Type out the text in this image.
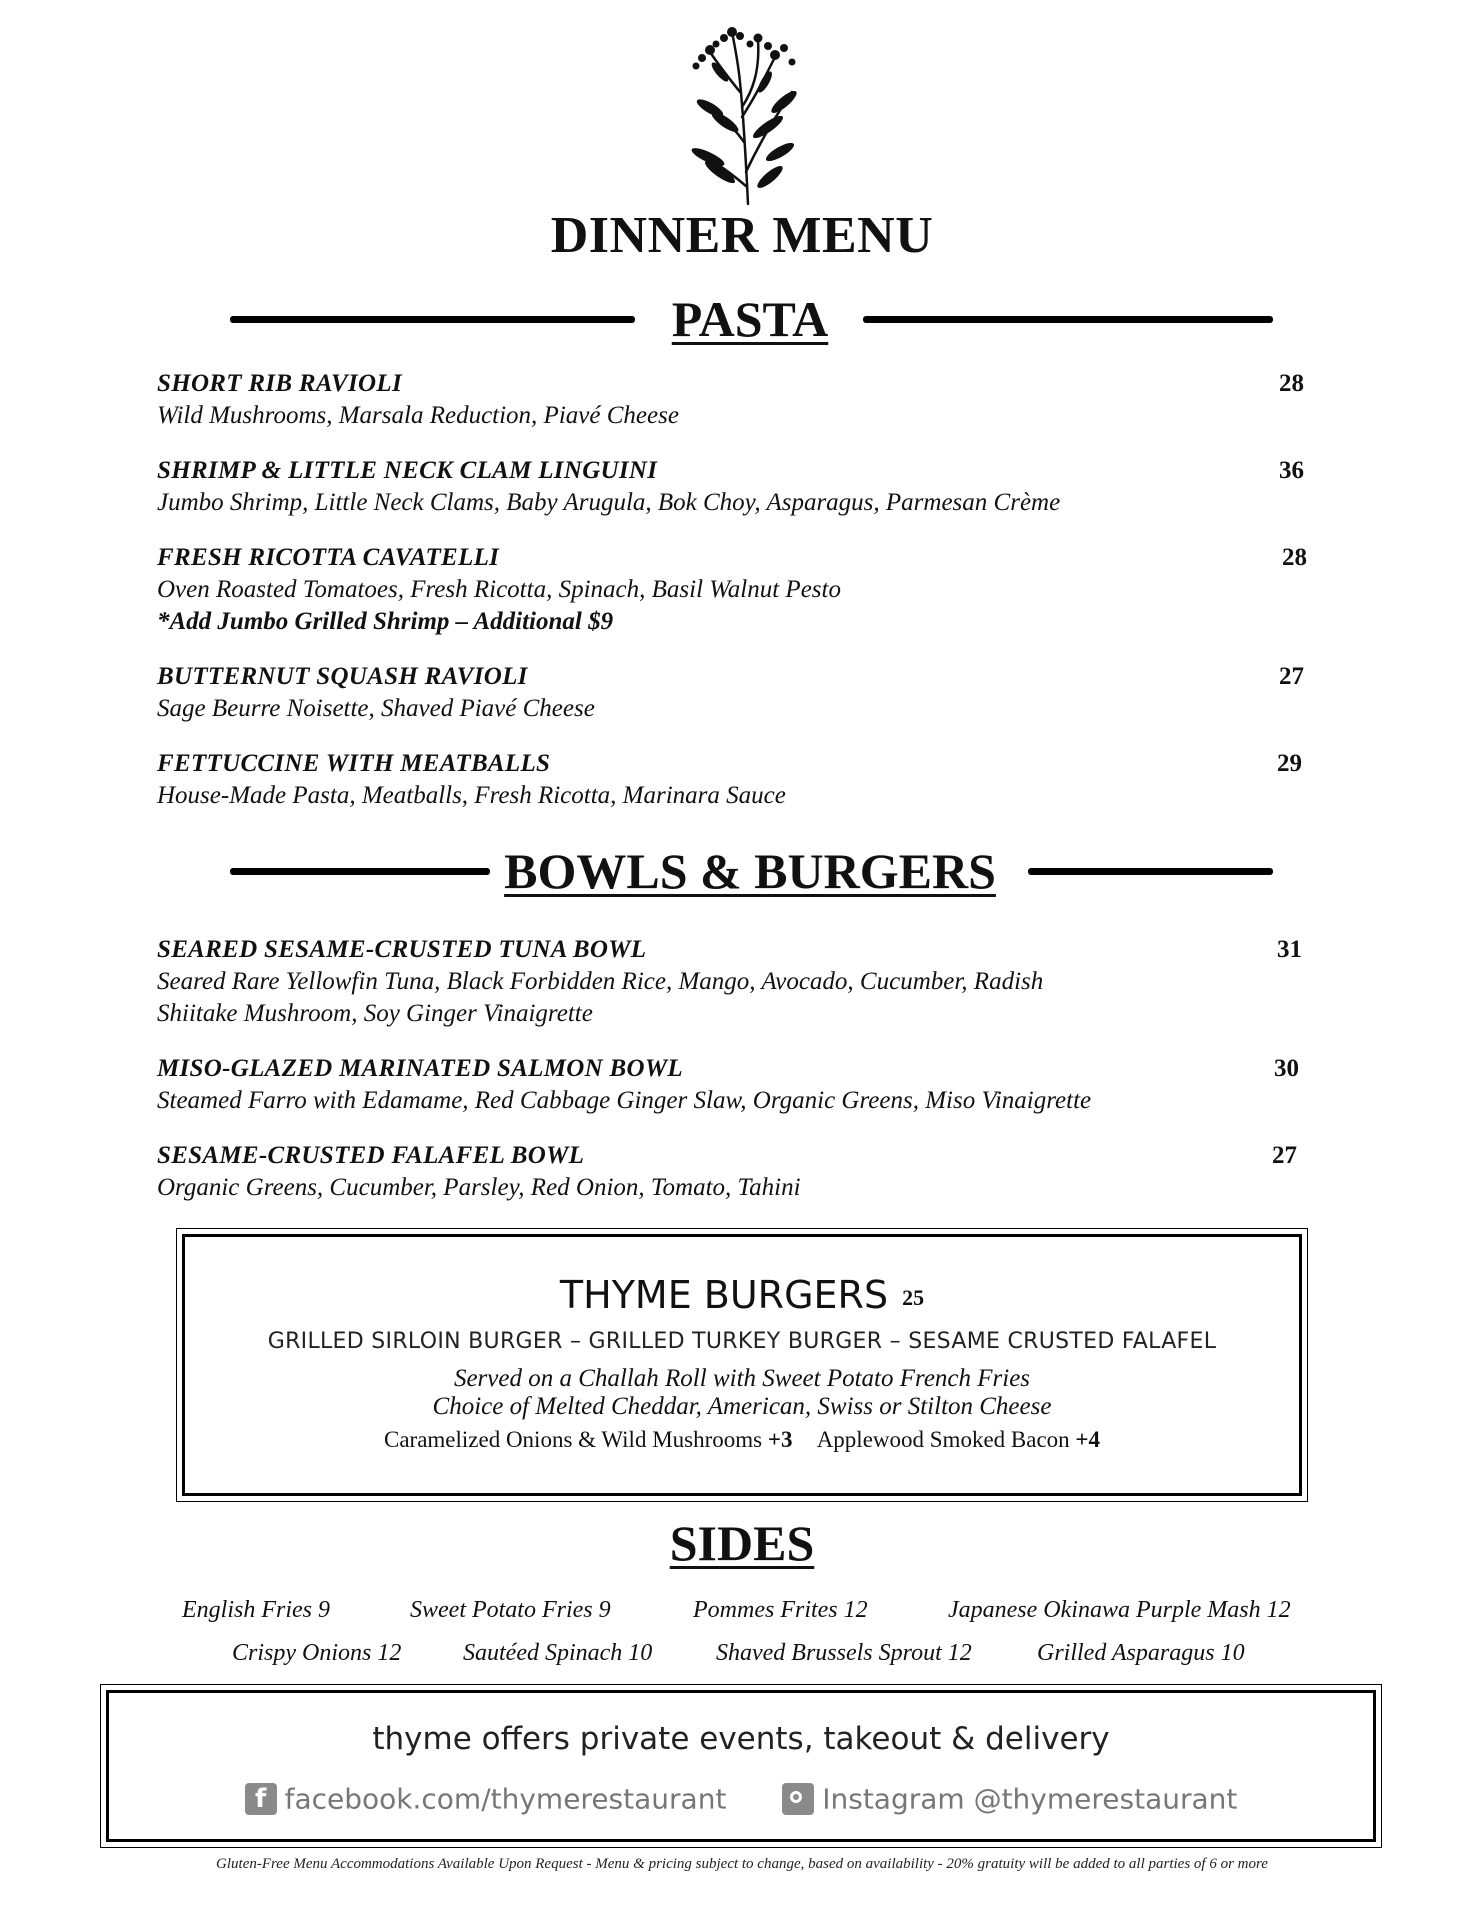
DINNER MENU
PASTA
SHORT RIB RAVIOLI	28
Wild Mushrooms, Marsala Reduction, Piavé Cheese
SHRIMP & LITTLE NECK CLAM LINGUINI	36
Jumbo Shrimp, Little Neck Clams, Baby Arugula, Bok Choy, Asparagus, Parmesan Crème
FRESH RICOTTA CAVATELLI	28
Oven Roasted Tomatoes, Fresh Ricotta, Spinach, Basil Walnut Pesto
*Add Jumbo Grilled Shrimp – Additional $9
BUTTERNUT SQUASH RAVIOLI	27
Sage Beurre Noisette, Shaved Piavé Cheese
FETTUCCINE WITH MEATBALLS	29
House-Made Pasta, Meatballs, Fresh Ricotta, Marinara Sauce
BOWLS & BURGERS
SEARED SESAME-CRUSTED TUNA BOWL	31
Seared Rare Yellowfin Tuna, Black Forbidden Rice, Mango, Avocado, Cucumber, Radish
Shiitake Mushroom, Soy Ginger Vinaigrette
MISO-GLAZED MARINATED SALMON BOWL	30
Steamed Farro with Edamame, Red Cabbage Ginger Slaw, Organic Greens, Miso Vinaigrette
SESAME-CRUSTED FALAFEL BOWL	27
Organic Greens, Cucumber, Parsley, Red Onion, Tomato, Tahini
THYME BURGERS 25
GRILLED SIRLOIN BURGER – GRILLED TURKEY BURGER – SESAME CRUSTED FALAFEL
Served on a Challah Roll with Sweet Potato French Fries
Choice of Melted Cheddar, American, Swiss or Stilton Cheese
Caramelized Onions & Wild Mushrooms +3 Applewood Smoked Bacon +4
SIDES
English Fries 9	Sweet Potato Fries 9	Pommes Frites 12	Japanese Okinawa Purple Mash 12
Crispy Onions 12	Sautéed Spinach 10	Shaved Brussels Sprout 12	Grilled Asparagus 10
thyme offers private events, takeout & delivery
f facebook.com/thymerestaurant	Instagram @thymerestaurant
Gluten-Free Menu Accommodations Available Upon Request - Menu & pricing subject to change, based on availability - 20% gratuity will be added to all parties of 6 or more
